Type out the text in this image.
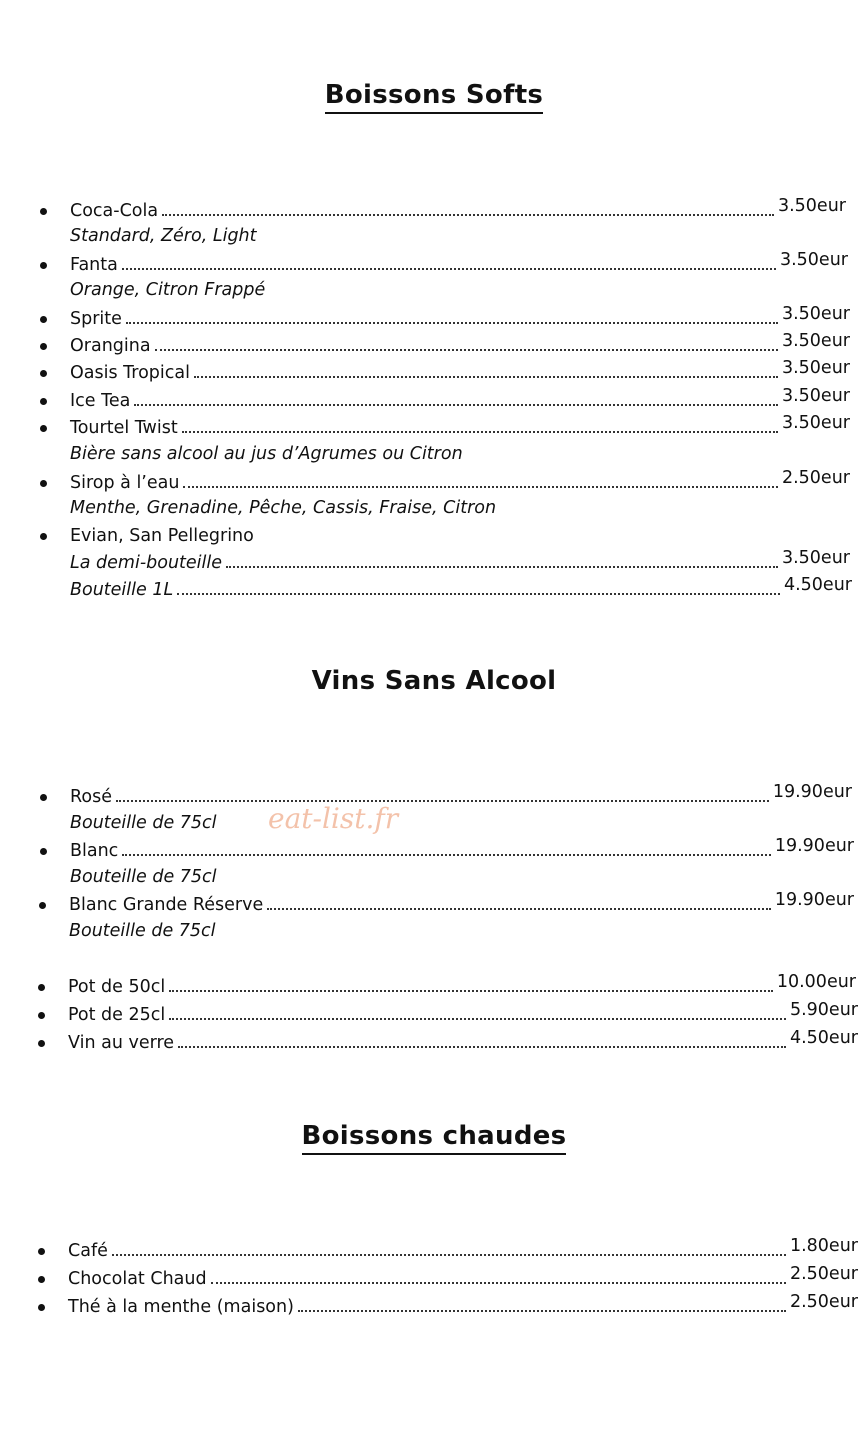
Boissons Softs
Coca-Cola	3.50eur
Standard, Zéro, Light
Fanta	3.50eur
Orange, Citron Frappé
Sprite	3.50eur
Orangina	3.50eur
Oasis Tropical	3.50eur
Ice Tea	3.50eur
Tourtel Twist	3.50eur
Bière sans alcool au jus d’Agrumes ou Citron
Sirop à l’eau	2.50eur
Menthe, Grenadine, Pêche, Cassis, Fraise, Citron
Evian, San Pellegrino
La demi-bouteille	3.50eur
Bouteille 1L	4.50eur
Vins Sans Alcool
Rosé	19.90eur
Bouteille de 75cl
Blanc	19.90eur
Bouteille de 75cl
Blanc Grande Réserve	19.90eur
Bouteille de 75cl
Pot de 50cl	10.00eur
Pot de 25cl	5.90eur
Vin au verre	4.50eur
Boissons chaudes
Café	1.80eur
Chocolat Chaud	2.50eur
Thé à la menthe (maison)	2.50eur
eat-list.fr
